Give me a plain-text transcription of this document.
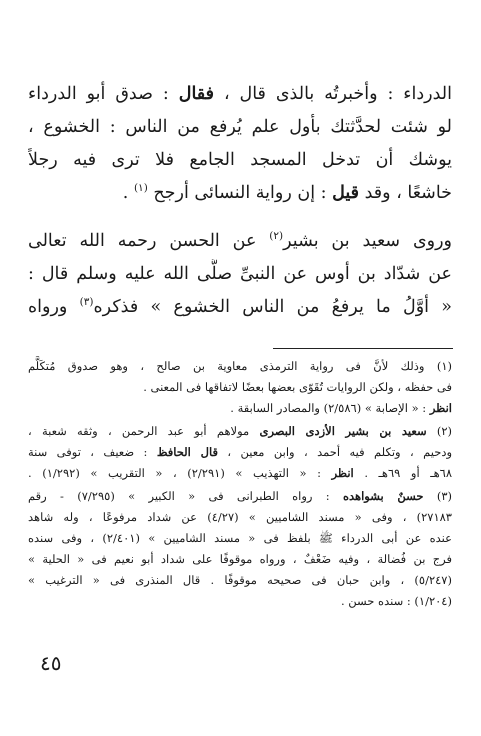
الدرداء : وأخبرتُه بالذى قال ، فقال : صدق أبو الدرداء
لو شئت لحدَّثتك بأول علم يُرفع من الناس : الخشوع ،
يوشك أن تدخل المسجد الجامع فلا ترى فيه رجلاً
خاشعًا ، وقد قيل : إن رواية النسائى أرجح $^{(١)}$ .
وروى سعيد بن بشير$^{(٢)}$ عن الحسن رحمه الله تعالى
عن شدّاد بن أوس عن النبىِّ صلَّى الله عليه وسلم قال :
« أوَّلُ ما يرفعُ من الناس الخشوع » فذكره$^{(٣)}$ ورواه
(١) وذلك لأنَّ فى رواية الترمذى معاوية بن صالح ، وهو صدوق مُتكَلَّم
فى حفظه ، ولكن الروايات تُقَوّى بعضها بعضًا لاتفاقها فى المعنى .
انظر : « الإصابة » (٢/٥٨٦) والمصادر السابقة .
(٢) سعيد بن بشير الأزدى البصرى مولاهم أبو عبد الرحمن ، وثقه شعبة ،
ودحيم ، وتكلم فيه أحمد ، وابن معين ، قال الحافظ : ضعيف ، توفى سنة
٦٨هـ أو ٦٩هـ . انظر : « التهذيب » (٢/٢٩١) ، « التقريب » (١/٢٩٢) .
(٣) حسنٌ بشواهده : رواه الطبرانى فى « الكبير » (٧/٢٩٥) - رقم
٢٧١٨٣) ، وفى « مسند الشاميين » (٤/٢٧) عن شداد مرفوعًا ، وله شاهد
عنده عن أبى الدرداء ﷺ بلفظ فى « مسند الشاميين » (٢/٤٠١) ، وفى سنده
فرج بن فُضالة ، وفيه ضَعْفٌ ، ورواه موقوفًا على شداد أبو نعيم فى « الحلية »
(٥/٢٤٧) ، وابن حبان فى صحيحه موقوفًا . قال المنذرى فى « الترغيب »
(١/٢٠٤) : سنده حسن .
٤٥
